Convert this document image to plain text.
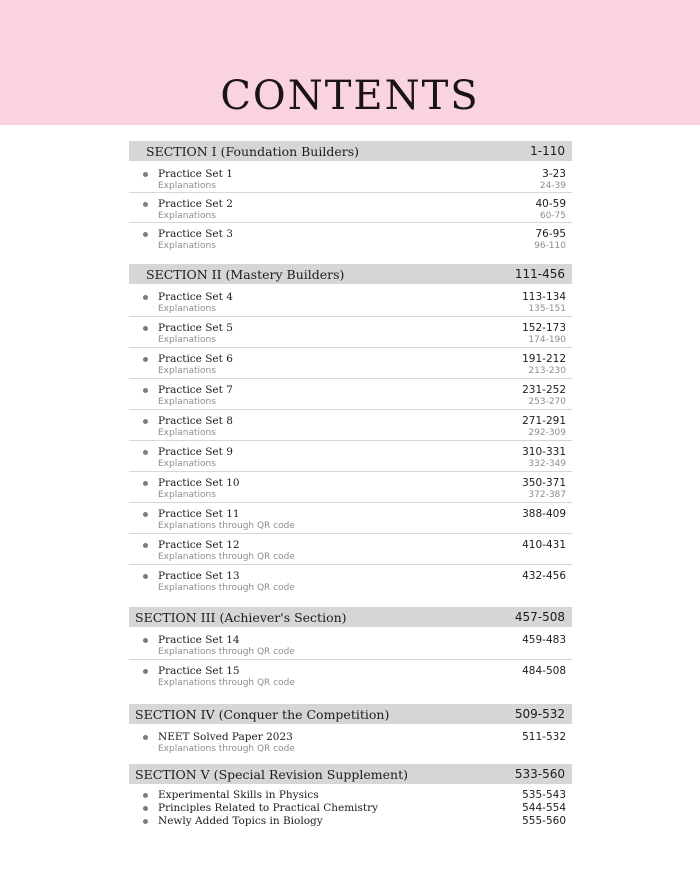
CONTENTS
SECTION I (Foundation Builders)	1-110
Practice Set 1	3-23
Explanations	24-39
Practice Set 2	40-59
Explanations	60-75
Practice Set 3	76-95
Explanations	96-110
SECTION II (Mastery Builders)	111-456
Practice Set 4	113-134
Explanations	135-151
Practice Set 5	152-173
Explanations	174-190
Practice Set 6	191-212
Explanations	213-230
Practice Set 7	231-252
Explanations	253-270
Practice Set 8	271-291
Explanations	292-309
Practice Set 9	310-331
Explanations	332-349
Practice Set 10	350-371
Explanations	372-387
Practice Set 11	388-409
Explanations through QR code
Practice Set 12	410-431
Explanations through QR code
Practice Set 13	432-456
Explanations through QR code
SECTION III (Achiever's Section)	457-508
Practice Set 14	459-483
Explanations through QR code
Practice Set 15	484-508
Explanations through QR code
SECTION IV (Conquer the Competition)	509-532
NEET Solved Paper 2023	511-532
Explanations through QR code
SECTION V (Special Revision Supplement)	533-560
Experimental Skills in Physics	535-543
Principles Related to Practical Chemistry	544-554
Newly Added Topics in Biology	555-560
